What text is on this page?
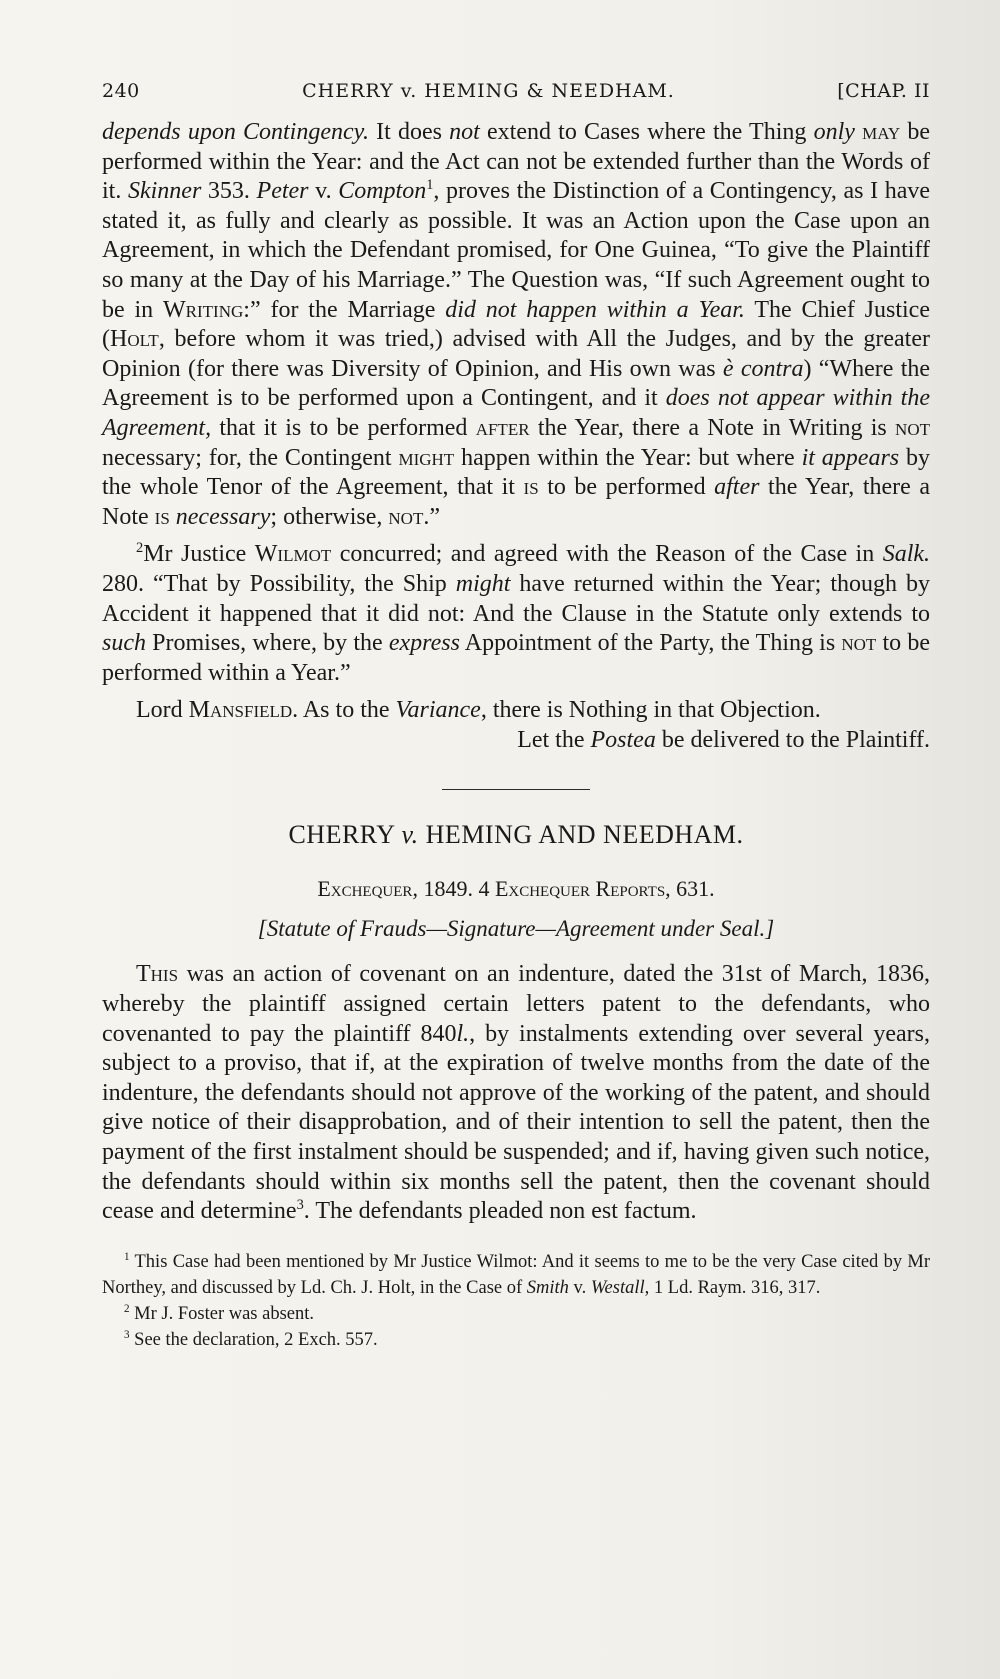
240	CHERRY v. HEMING & NEEDHAM.	[CHAP. II

depends upon Contingency. It does not extend to Cases where the Thing only may be performed within the Year: and the Act can not be extended further than the Words of it. Skinner 353. Peter v. Compton$^1$, proves the Distinction of a Contingency, as I have stated it, as fully and clearly as possible. It was an Action upon the Case upon an Agreement, in which the Defendant promised, for One Guinea, “To give the Plaintiff so many at the Day of his Marriage.” The Question was, “If such Agreement ought to be in Writing:” for the Marriage did not happen within a Year. The Chief Justice (Holt, before whom it was tried,) advised with All the Judges, and by the greater Opinion (for there was Diversity of Opinion, and His own was è contra) “Where the Agreement is to be performed upon a Contingent, and it does not appear within the Agreement, that it is to be performed after the Year, there a Note in Writing is not necessary; for, the Contingent might happen within the Year: but where it appears by the whole Tenor of the Agreement, that it is to be performed after the Year, there a Note is necessary; otherwise, not.”

$^2$Mr Justice Wilmot concurred; and agreed with the Reason of the Case in Salk. 280. “That by Possibility, the Ship might have returned within the Year; though by Accident it happened that it did not: And the Clause in the Statute only extends to such Promises, where, by the express Appointment of the Party, the Thing is not to be performed within a Year.”

Lord Mansfield. As to the Variance, there is Nothing in that Objection.

Let the Postea be delivered to the Plaintiff.

CHERRY v. HEMING AND NEEDHAM.
Exchequer, 1849. 4 Exchequer Reports, 631.
[Statute of Frauds—Signature—Agreement under Seal.]

This was an action of covenant on an indenture, dated the 31st of March, 1836, whereby the plaintiff assigned certain letters patent to the defendants, who covenanted to pay the plaintiff 840l., by instalments extending over several years, subject to a proviso, that if, at the expiration of twelve months from the date of the indenture, the defendants should not approve of the working of the patent, and should give notice of their disapprobation, and of their intention to sell the patent, then the payment of the first instalment should be suspended; and if, having given such notice, the defendants should within six months sell the patent, then the covenant should cease and determine$^3$. The defendants pleaded non est factum.

$^1$ This Case had been mentioned by Mr Justice Wilmot: And it seems to me to be the very Case cited by Mr Northey, and discussed by Ld. Ch. J. Holt, in the Case of Smith v. Westall, 1 Ld. Raym. 316, 317.

$^2$ Mr J. Foster was absent.

$^3$ See the declaration, 2 Exch. 557.
